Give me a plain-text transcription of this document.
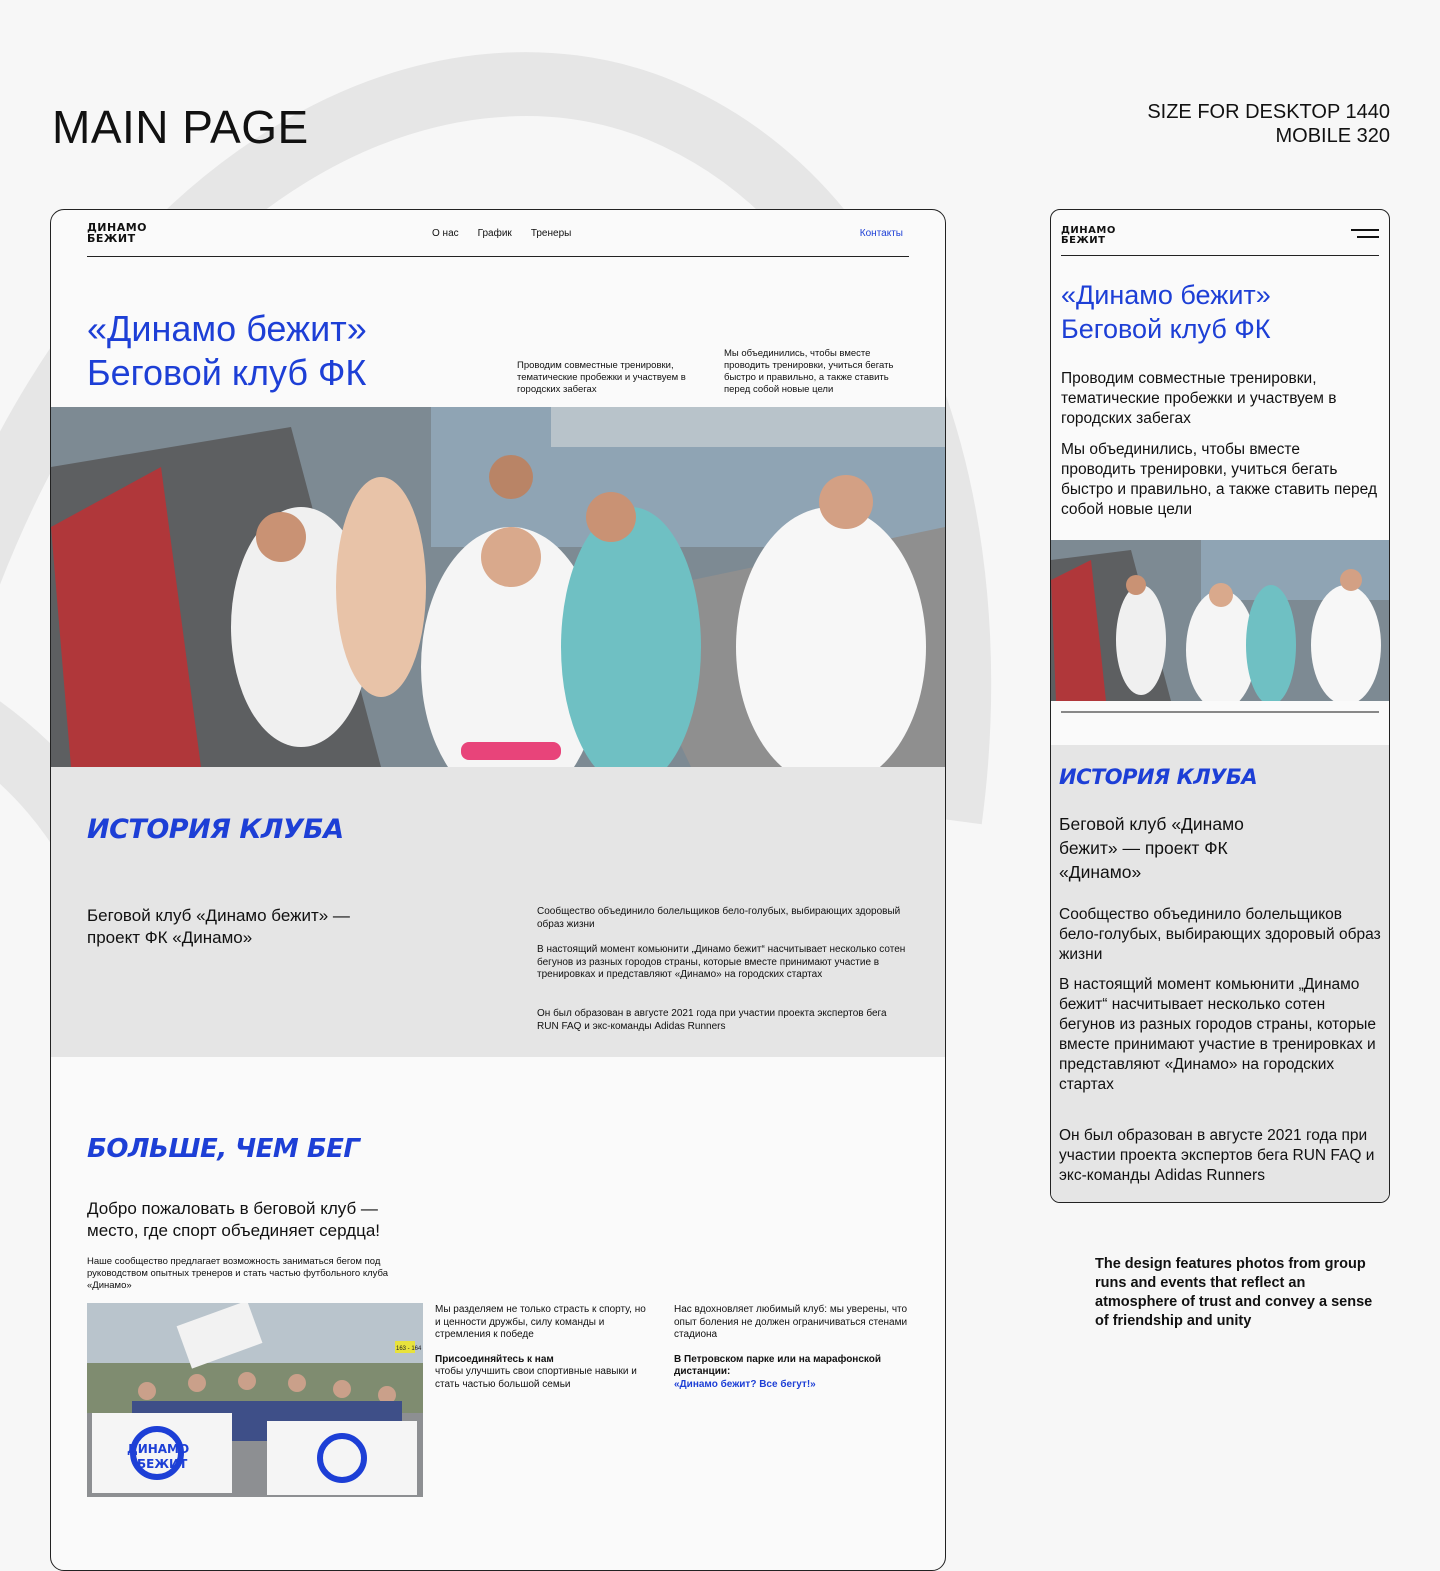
MAIN PAGE	SIZE FOR DESKTOP 1440
MOBILE 320
ДИНАМО
БЕЖИТ	О нас График Тренеры	Контакты
«Динамо бежит»
Беговой клуб ФК	Проводим совместные тренировки, тематические пробежки и участвуем в городских забегах

Мы объединились, чтобы вместе проводить тренировки, учиться бегать быстро и правильно, а также ставить перед собой новые цели

ИСТОРИЯ КЛУБА

Беговой клуб «Динамо бежит» — проект ФК «Динамо»

Сообщество объединило болельщиков бело-голубых, выбирающих здоровый образ жизни

В настоящий момент комьюнити „Динамо бежит“ насчитывает несколько сотен бегунов из разных городов страны, которые вместе принимают участие в тренировках и представляют «Динамо» на городских стартах

Он был образован в августе 2021 года при участии проекта экспертов бега RUN FAQ и экс-команды Adidas Runners

БОЛЬШЕ, ЧЕМ БЕГ

Добро пожаловать в беговой клуб — место, где спорт объединяет сердца!

Наше сообщество предлагает возможность заниматься бегом под руководством опытных тренеров и стать частью футбольного клуба «Динамо»

163 - 164
ДИНАМО
БЕЖИТ

Мы разделяем не только страсть к спорту, но и ценности дружбы, силу команды и стремления к победе

Присоединяйтесь к нам

чтобы улучшить свои спортивные навыки и стать частью большой семьи

Нас вдохновляет любимый клуб: мы уверены, что опыт боления не должен ограничиваться стенами стадиона

В Петровском парке или на марафонской дистанции:

«Динамо бежит? Все бегут!»

ДИНАМО
БЕЖИТ
«Динамо бежит»
Беговой клуб ФК

Проводим совместные тренировки, тематические пробежки и участвуем в городских забегах

Мы объединились, чтобы вместе проводить тренировки, учиться бегать быстро и правильно, а также ставить перед собой новые цели

ИСТОРИЯ КЛУБА

Беговой клуб «Динамо бежит» — проект ФК «Динамо»

Сообщество объединило болельщиков бело-голубых, выбирающих здоровый образ жизни

В настоящий момент комьюнити „Динамо бежит“ насчитывает несколько сотен бегунов из разных городов страны, которые вместе принимают участие в тренировках и представляют «Динамо» на городских стартах

Он был образован в августе 2021 года при участии проекта экспертов бега RUN FAQ и экс-команды Adidas Runners

The design features photos from group runs and events that reflect an atmosphere of trust and convey a sense of friendship and unity
